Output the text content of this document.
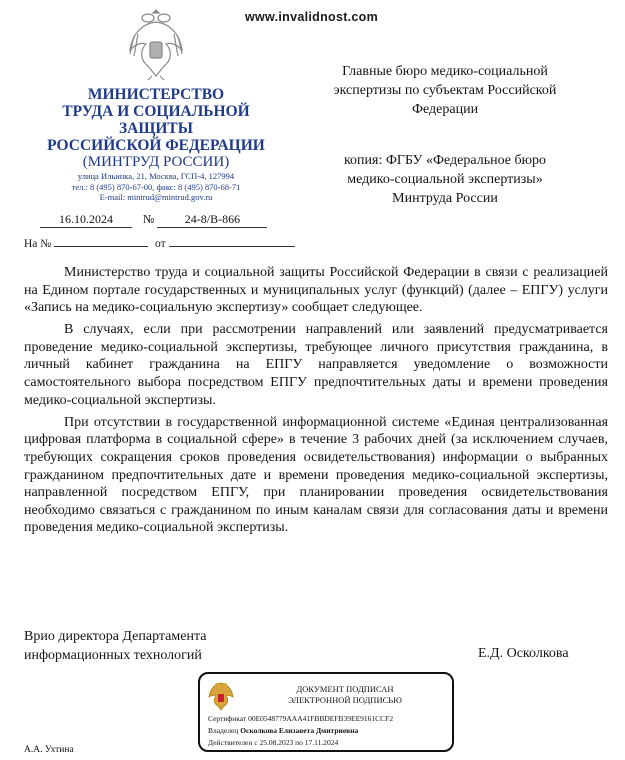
www.invalidnost.com
МИНИСТЕРСТВО
ТРУДА И СОЦИАЛЬНОЙ
ЗАЩИТЫ
РОССИЙСКОЙ ФЕДЕРАЦИИ
(МИНТРУД РОССИИ)
улица Ильинка, 21, Москва, ГСП-4, 127994
тел.: 8 (495) 870-67-00, факс: 8 (495) 870-68-71
E-mail: mintrud@mintrud.gov.ru
16.10.2024	№	24-8/В-866
На №	от
Главные бюро медико-социальной
экспертизы по субъектам Российской
Федерации
копия: ФГБУ «Федеральное бюро
медико-социальной экспертизы»
Минтруда России

Министерство труда и социальной защиты Российской Федерации в связи с реализацией на Едином портале государственных и муниципальных услуг (функций) (далее – ЕПГУ) услуги «Запись на медико-социальную экспертизу» сообщает следующее.

В случаях, если при рассмотрении направлений или заявлений предусматривается проведение медико-социальной экспертизы, требующее личного присутствия гражданина, в личный кабинет гражданина на ЕПГУ направляется уведомление о возможности самостоятельного выбора посредством ЕПГУ предпочтительных даты и времени проведения медико-социальной экспертизы.

При отсутствии в государственной информационной системе «Единая централизованная цифровая платформа в социальной сфере» в течение 3 рабочих дней (за исключением случаев, требующих сокращения сроков проведения освидетельствования) информации о выбранных гражданином предпочтительных дате и времени проведения медико-социальной экспертизы, направленной посредством ЕПГУ, при планировании проведения освидетельствования необходимо связаться с гражданином по иным каналам связи для согласования даты и времени проведения медико-социальной экспертизы.

Врио директора Департамента
информационных технологий	Е.Д. Осколкова
ДОКУМЕНТ ПОДПИСАН
ЭЛЕКТРОННОЙ ПОДПИСЬЮ
Сертификат 00E0548779AAA41FBBDEFB39EE9161CCF2
Владелец Осколкова Елизавета Дмитриевна
Действителен с 25.08.2023 по 17.11.2024
А.А. Ухтина
